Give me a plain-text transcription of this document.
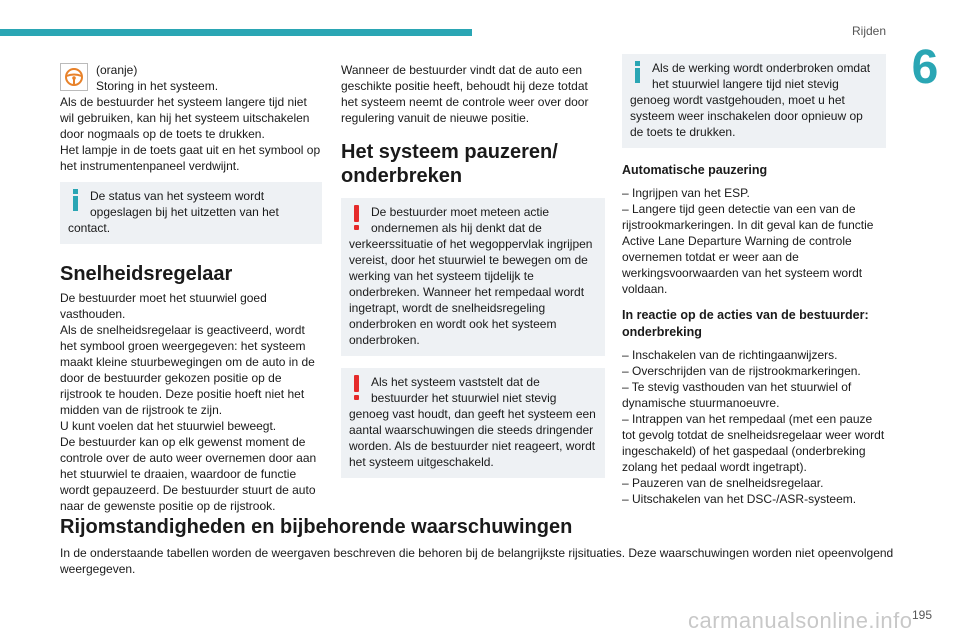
Rijden
6

(oranje)
Storing in het systeem.

Als de bestuurder het systeem langere tijd niet wil gebruiken, kan hij het systeem uitschakelen door nogmaals op de toets te drukken.
Het lampje in de toets gaat uit en het symbool op het instrumentenpaneel verdwijnt.

De status van het systeem wordt opgeslagen bij het uitzetten van het contact.
Snelheidsregelaar

De bestuurder moet het stuurwiel goed vasthouden.
Als de snelheidsregelaar is geactiveerd, wordt het symbool groen weergegeven: het systeem maakt kleine stuurbewegingen om de auto in de door de bestuurder gekozen positie op de rijstrook te houden. Deze positie hoeft niet het midden van de rijstrook te zijn.
U kunt voelen dat het stuurwiel beweegt.
De bestuurder kan op elk gewenst moment de controle over de auto weer overnemen door aan het stuurwiel te draaien, waardoor de functie wordt gepauzeerd. De bestuurder stuurt de auto naar de gewenste positie op de rijstrook.

Wanneer de bestuurder vindt dat de auto een geschikte positie heeft, behoudt hij deze totdat het systeem neemt de controle weer over door regulering vanuit de nieuwe positie.

Het systeem pauzeren/ onderbreken
De bestuurder moet meteen actie ondernemen als hij denkt dat de verkeerssituatie of het wegoppervlak ingrijpen vereist, door het stuurwiel te bewegen om de werking van het systeem tijdelijk te onderbreken. Wanneer het rempedaal wordt ingetrapt, wordt de snelheidsregeling onderbroken en wordt ook het systeem onderbroken.
Als het systeem vaststelt dat de bestuurder het stuurwiel niet stevig genoeg vast houdt, dan geeft het systeem een aantal waarschuwingen die steeds dringender worden. Als de bestuurder niet reageert, wordt het systeem uitgeschakeld.
Als de werking wordt onderbroken omdat het stuurwiel langere tijd niet stevig genoeg wordt vastgehouden, moet u het systeem weer inschakelen door opnieuw op de toets te drukken.
Automatische pauzering

– Ingrijpen van het ESP.
– Langere tijd geen detectie van een van de rijstrookmarkeringen. In dit geval kan de functie Active Lane Departure Warning de controle overnemen totdat er weer aan de werkingsvoorwaarden van het systeem wordt voldaan.

In reactie op de acties van de bestuurder: onderbreking

– Inschakelen van de richtingaanwijzers.
– Overschrijden van de rijstrookmarkeringen.
– Te stevig vasthouden van het stuurwiel of dynamische stuurmanoeuvre.
– Intrappen van het rempedaal (met een pauze tot gevolg totdat de snelheidsregelaar weer wordt ingeschakeld) of het gaspedaal (onderbreking zolang het pedaal wordt ingetrapt).
– Pauzeren van de snelheidsregelaar.
– Uitschakelen van het DSC-/ASR-systeem.

Rijomstandigheden en bijbehorende waarschuwingen

In de onderstaande tabellen worden de weergaven beschreven die behoren bij de belangrijkste rijsituaties. Deze waarschuwingen worden niet opeenvolgend weergegeven.

carmanualsonline.info 195
